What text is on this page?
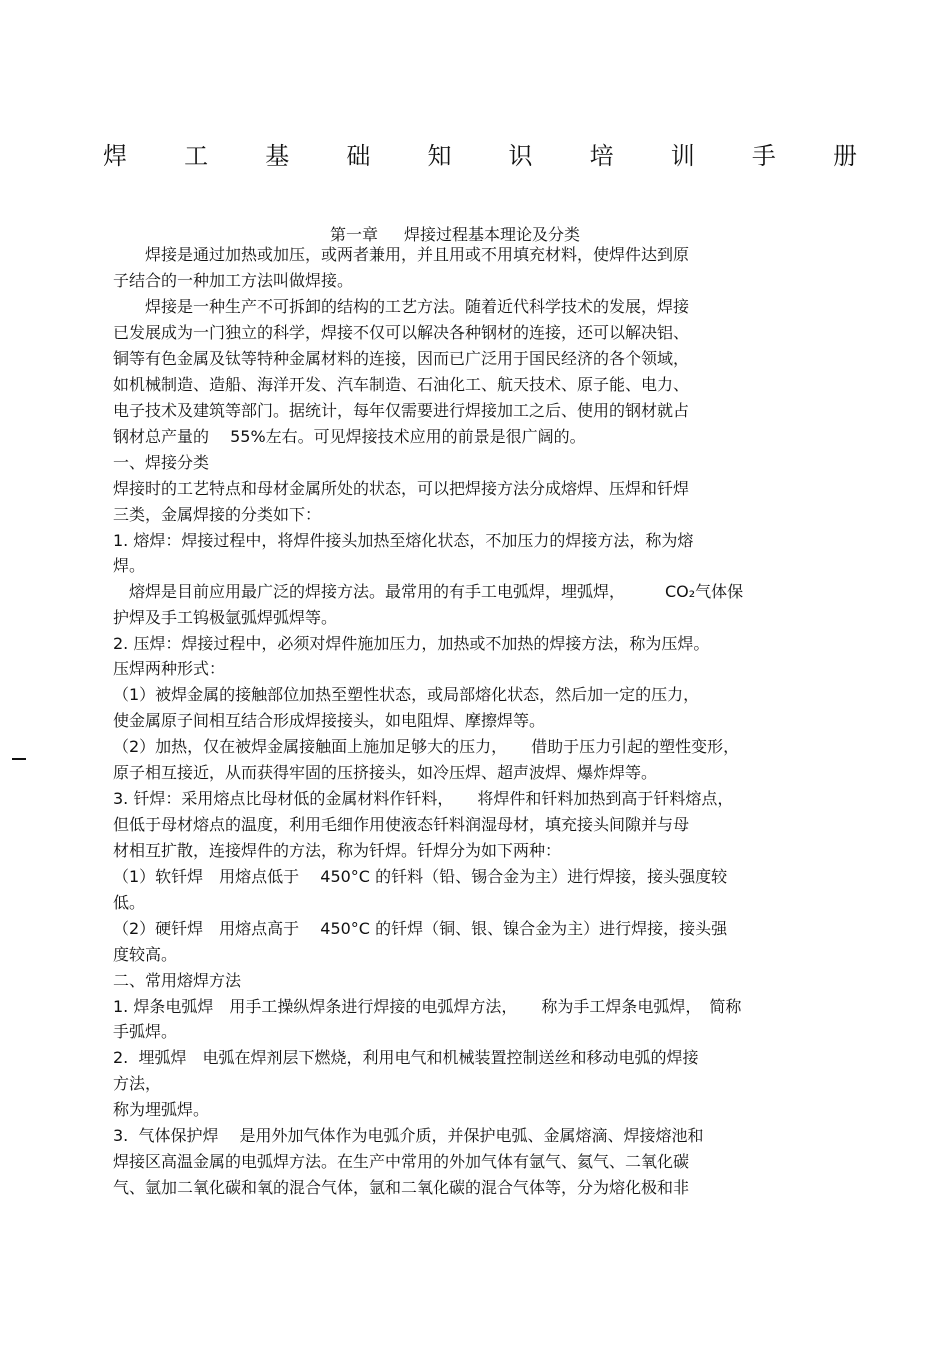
焊 工 基 础 知 识 培 训 手 册
第一章 焊接过程基本理论及分类
　　焊接是通过加热或加压，或两者兼用，并且用或不用填充材料，使焊件达到原
子结合的一种加工方法叫做焊接。
　　焊接是一种生产不可拆卸的结构的工艺方法。随着近代科学技术的发展，焊接
已发展成为一门独立的科学，焊接不仅可以解决各种钢材的连接，还可以解决铝、
铜等有色金属及钛等特种金属材料的连接，因而已广泛用于国民经济的各个领域，
如机械制造、造船、海洋开发、汽车制造、石油化工、航天技术、原子能、电力、
电子技术及建筑等部门。据统计，每年仅需要进行焊接加工之后、使用的钢材就占
钢材总产量的　 55%左右。可见焊接技术应用的前景是很广阔的。
一、焊接分类
焊接时的工艺特点和母材金属所处的状态，可以把焊接方法分成熔焊、压焊和钎焊
三类，金属焊接的分类如下：
1. 熔焊：焊接过程中，将焊件接头加热至熔化状态，不加压力的焊接方法，称为熔
焊。
　熔焊是目前应用最广泛的焊接方法。最常用的有手工电弧焊，埋弧焊，　　　CO₂气体保
护焊及手工钨极氩弧焊弧焊等。
2. 压焊：焊接过程中，必须对焊件施加压力，加热或不加热的焊接方法，称为压焊。
压焊两种形式：
（1）被焊金属的接触部位加热至塑性状态，或局部熔化状态，然后加一定的压力，
使金属原子间相互结合形成焊接接头，如电阻焊、摩擦焊等。
（2）加热，仅在被焊金属接触面上施加足够大的压力，　　借助于压力引起的塑性变形，
原子相互接近，从而获得牢固的压挤接头，如冷压焊、超声波焊、爆炸焊等。
3. 钎焊：采用熔点比母材低的金属材料作钎料，　　将焊件和钎料加热到高于钎料熔点，
但低于母材熔点的温度，利用毛细作用使液态钎料润湿母材，填充接头间隙并与母
材相互扩散，连接焊件的方法，称为钎焊。钎焊分为如下两种：
（1）软钎焊　用熔点低于　 450°C 的钎料（铅、锡合金为主）进行焊接，接头强度较
低。
（2）硬钎焊　用熔点高于　 450°C 的钎焊（铜、银、镍合金为主）进行焊接，接头强
度较高。
二、常用熔焊方法
1. 焊条电弧焊　用手工操纵焊条进行焊接的电弧焊方法，　　称为手工焊条电弧焊，　简称
手弧焊。
2.  埋弧焊　电弧在焊剂层下燃烧，利用电气和机械装置控制送丝和移动电弧的焊接
方法，
称为埋弧焊。
3.  气体保护焊　 是用外加气体作为电弧介质，并保护电弧、金属熔滴、焊接熔池和
焊接区高温金属的电弧焊方法。在生产中常用的外加气体有氩气、氦气、二氧化碳
气、氩加二氧化碳和氧的混合气体，氩和二氧化碳的混合气体等，分为熔化极和非
